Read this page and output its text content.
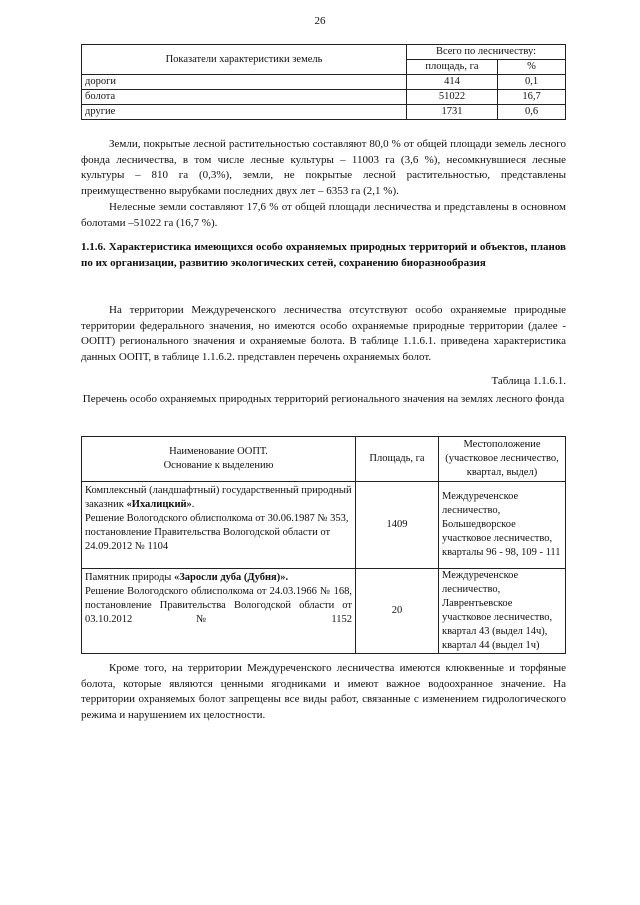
26
Показатели характеристики земель	Всего по лесничеству:	
	площадь, га	%
дороги	414	0,1
болота	51022	16,7
другие	1731	0,6

Земли, покрытые лесной растительностью составляют 80,0 % от общей площади земель лесного фонда лесничества, в том числе лесные культуры – 11003 га (3,6 %), несомкнувшиеся лесные культуры – 810 га (0,3%), земли, не покрытые лесной растительностью, представлены преимущественно вырубками последних двух лет – 6353 га (2,1 %).

Нелесные земли составляют 17,6 % от общей площади лесничества и представлены в основном болотами –51022 га (16,7 %).

1.1.6. Характеристика имеющихся особо охраняемых природных территорий и объектов, планов по их организации, развитию экологических сетей, сохранению биоразнообразия

На территории Междуреченского лесничества отсутствуют особо охраняемые природные территории федерального значения, но имеются особо охраняемые природные территории (далее - ООПТ) регионального значения и охраняемые болота. В таблице 1.1.6.1. приведена характеристика данных ООПТ, в таблице 1.1.6.2. представлен перечень охраняемых болот.

Таблица 1.1.6.1.
Перечень особо охраняемых природных территорий регионального значения на землях лесного фонда
Наименование ООПТ.
Основание к выделению	Площадь, га	Местоположение (участковое лесничество, квартал, выдел)
Комплексный (ландшафтный) государственный природный заказник «Ихалицкий».
Решение Вологодского облисполкома от 30.06.1987 № 353, постановление Правительства Вологодской области от 24.09.2012 № 1104	1409	Междуреченское лесничество, Большедворское участковое лесничество, кварталы 96 - 98, 109 - 111
Памятник природы «Заросли дуба (Дубня)».
Решение Вологодского облисполкома от 24.03.1966 № 168, постановление Правительства Вологодской области от 03.10.2012 № 1152	20	Междуреченское лесничество, Лаврентьевское участковое лесничество,
квартал 43 (выдел 14ч),
квартал 44 (выдел 1ч)

Кроме того, на территории Междуреченского лесничества имеются клюквенные и торфяные болота, которые являются ценными ягодниками и имеют важное водоохранное значение. На территории охраняемых болот запрещены все виды работ, связанные с изменением гидрологического режима и нарушением их целостности.
